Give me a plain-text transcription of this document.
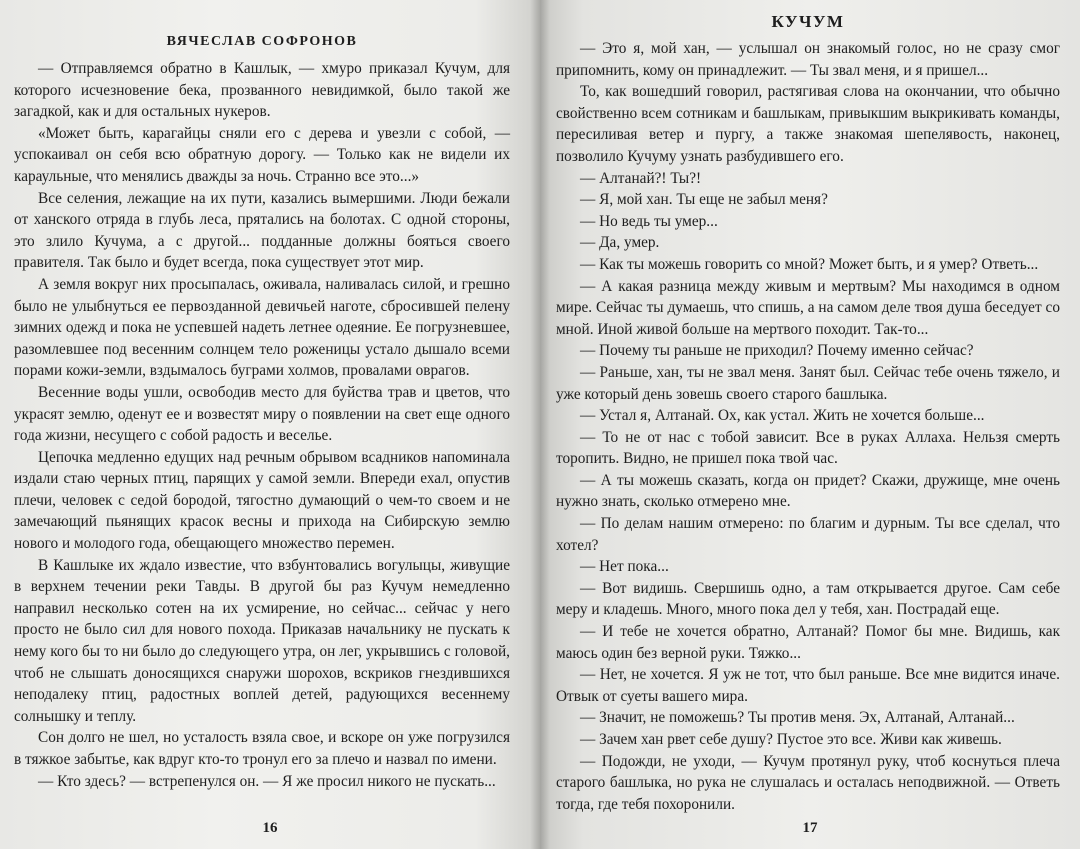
ВЯЧЕСЛАВ СОФРОНОВ

— Отправляемся обратно в Кашлык, — хмуро приказал Кучум, для которого исчезновение бека, прозванного невидимкой, было такой же загадкой, как и для остальных нукеров.

«Может быть, карагайцы сняли его с дерева и увезли с собой, — успокаивал он себя всю обратную дорогу. — Только как не видели их караульные, что менялись дважды за ночь. Странно все это...»

Все селения, лежащие на их пути, казались вымершими. Люди бежали от ханского отряда в глубь леса, прятались на болотах. С одной стороны, это злило Кучума, а с другой... подданные должны бояться своего правителя. Так было и будет всегда, пока существует этот мир.

А земля вокруг них просыпалась, оживала, наливалась силой, и грешно было не улыбнуться ее первозданной девичьей наготе, сбросившей пелену зимних одежд и пока не успевшей надеть летнее одеяние. Ее погрузневшее, разомлевшее под весенним солнцем тело роженицы устало дышало всеми порами кожи-земли, вздымалось буграми холмов, провалами оврагов.

Весенние воды ушли, освободив место для буйства трав и цветов, что украсят землю, оденут ее и возвестят миру о появлении на свет еще одного года жизни, несущего с собой радость и веселье.

Цепочка медленно едущих над речным обрывом всадников напоминала издали стаю черных птиц, парящих у самой земли. Впереди ехал, опустив плечи, человек с седой бородой, тягостно думающий о чем-то своем и не замечающий пьянящих красок весны и прихода на Сибирскую землю нового и молодого года, обещающего множество перемен.

В Кашлыке их ждало известие, что взбунтовались вогулыцы, живущие в верхнем течении реки Тавды. В другой бы раз Кучум немедленно направил несколько сотен на их усмирение, но сейчас... сейчас у него просто не было сил для нового похода. Приказав начальнику не пускать к нему кого бы то ни было до следующего утра, он лег, укрывшись с головой, чтоб не слышать доносящихся снаружи шорохов, вскриков гнездившихся неподалеку птиц, радостных воплей детей, радующихся весеннему солнышку и теплу.

Сон долго не шел, но усталость взяла свое, и вскоре он уже погрузился в тяжкое забытье, как вдруг кто-то тронул его за плечо и назвал по имени.

— Кто здесь? — встрепенулся он. — Я же просил никого не пускать...

16
КУЧУМ

— Это я, мой хан, — услышал он знакомый голос, но не сразу смог припомнить, кому он принадлежит. — Ты звал меня, и я пришел...

То, как вошедший говорил, растягивая слова на окончании, что обычно свойственно всем сотникам и башлыкам, привыкшим выкрикивать команды, пересиливая ветер и пургу, а также знакомая шепелявость, наконец, позволило Кучуму узнать разбудившего его.

— Алтанай?! Ты?!

— Я, мой хан. Ты еще не забыл меня?

— Но ведь ты умер...

— Да, умер.

— Как ты можешь говорить со мной? Может быть, и я умер? Ответь...

— А какая разница между живым и мертвым? Мы находимся в одном мире. Сейчас ты думаешь, что спишь, а на самом деле твоя душа беседует со мной. Иной живой больше на мертвого походит. Так-то...

— Почему ты раньше не приходил? Почему именно сейчас?

— Раньше, хан, ты не звал меня. Занят был. Сейчас тебе очень тяжело, и уже который день зовешь своего старого башлыка.

— Устал я, Алтанай. Ох, как устал. Жить не хочется больше...

— То не от нас с тобой зависит. Все в руках Аллаха. Нельзя смерть торопить. Видно, не пришел пока твой час.

— А ты можешь сказать, когда он придет? Скажи, дружище, мне очень нужно знать, сколько отмерено мне.

— По делам нашим отмерено: по благим и дурным. Ты все сделал, что хотел?

— Нет пока...

— Вот видишь. Свершишь одно, а там открывается другое. Сам себе меру и кладешь. Много, много пока дел у тебя, хан. Пострадай еще.

— И тебе не хочется обратно, Алтанай? Помог бы мне. Видишь, как маюсь один без верной руки. Тяжко...

— Нет, не хочется. Я уж не тот, что был раньше. Все мне видится иначе. Отвык от суеты вашего мира.

— Значит, не поможешь? Ты против меня. Эх, Алтанай, Алтанай...

— Зачем хан рвет себе душу? Пустое это все. Живи как живешь.

— Подожди, не уходи, — Кучум протянул руку, чтоб коснуться плеча старого башлыка, но рука не слушалась и осталась неподвижной. — Ответь тогда, где тебя похоронили.

17
